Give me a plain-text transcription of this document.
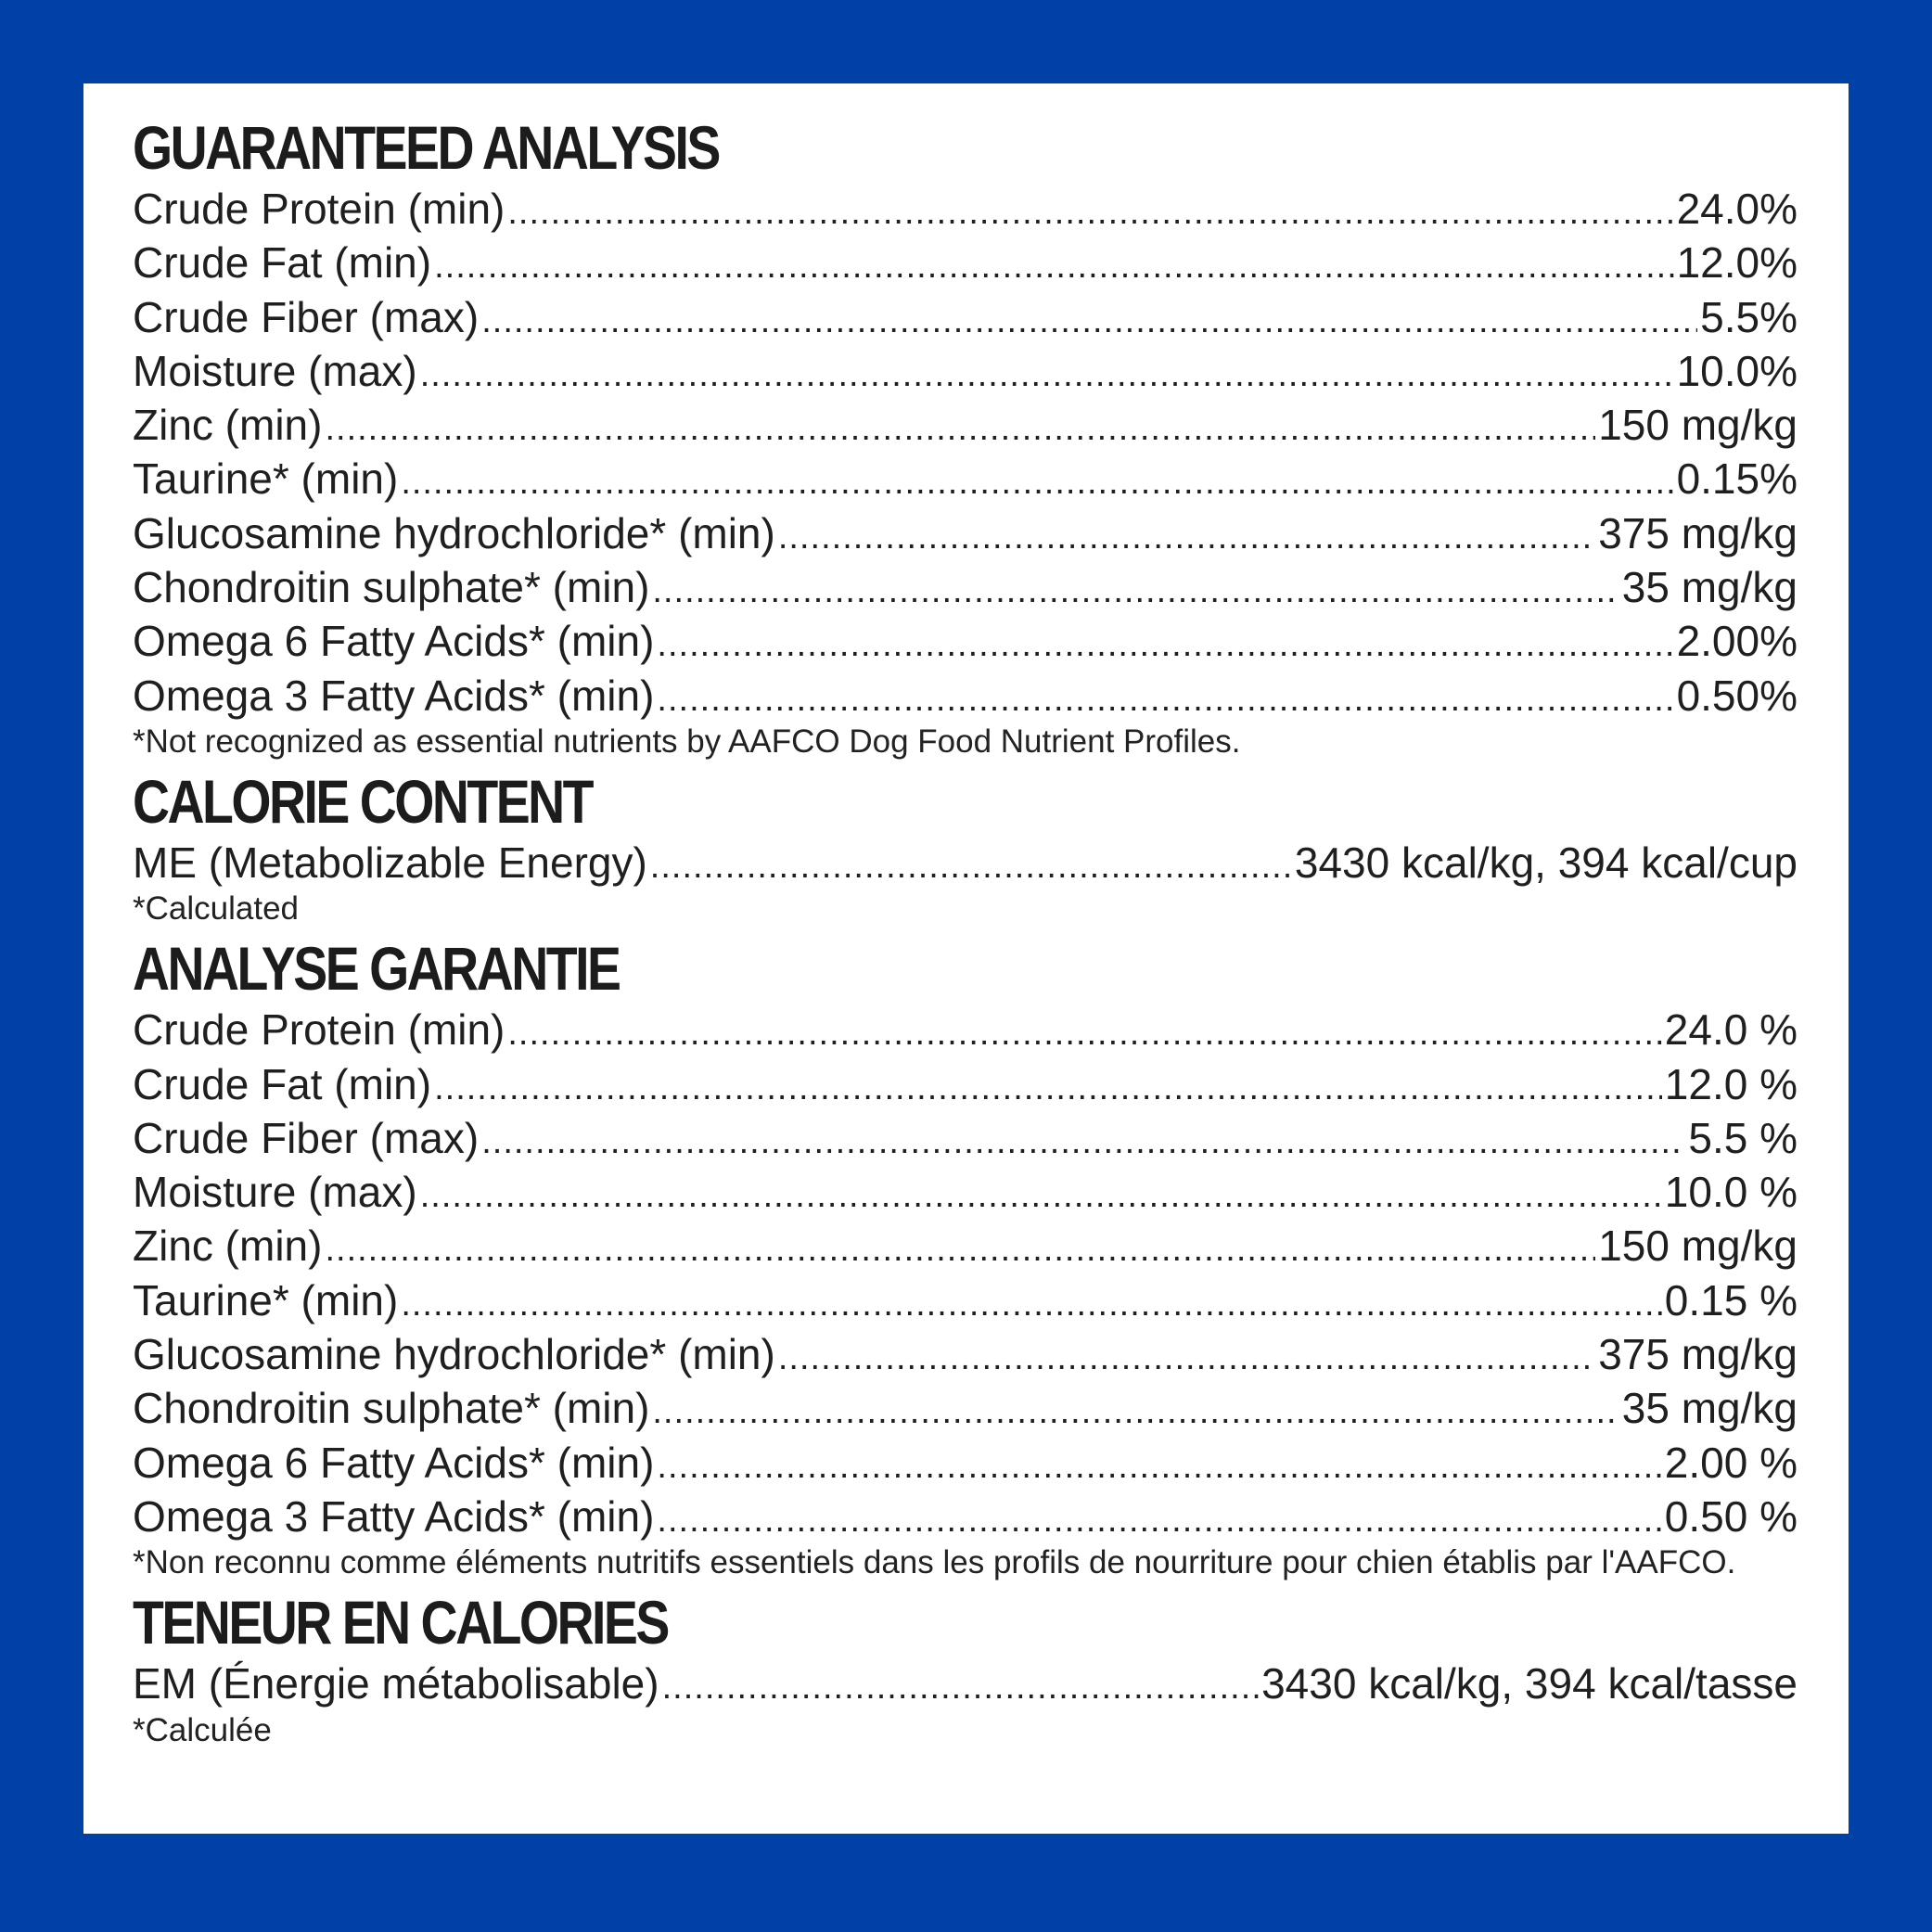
GUARANTEED ANALYSIS
Crude Protein (min) .....	24.0%
Crude Fat (min) .....	12.0%
Crude Fiber (max) .....	5.5%
Moisture (max) .....	10.0%
Zinc (min) .....	150 mg/kg
Taurine* (min) .....	0.15%
Glucosamine hydrochloride* (min) .....	375 mg/kg
Chondroitin sulphate* (min) .....	35 mg/kg
Omega 6 Fatty Acids* (min) .....	2.00%
Omega 3 Fatty Acids* (min) .....	0.50%
*Not recognized as essential nutrients by AAFCO Dog Food Nutrient Profiles.
CALORIE CONTENT
ME (Metabolizable Energy) .....	3430 kcal/kg, 394 kcal/cup
*Calculated
ANALYSE GARANTIE
Crude Protein (min) .....	24.0 %
Crude Fat (min) .....	12.0 %
Crude Fiber (max) .....	5.5 %
Moisture (max) .....	10.0 %
Zinc (min) .....	150 mg/kg
Taurine* (min) .....	0.15 %
Glucosamine hydrochloride* (min) .....	375 mg/kg
Chondroitin sulphate* (min) .....	35 mg/kg
Omega 6 Fatty Acids* (min) .....	2.00 %
Omega 3 Fatty Acids* (min) .....	0.50 %
*Non reconnu comme éléments nutritifs essentiels dans les profils de nourriture pour chien établis par l'AAFCO.
TENEUR EN CALORIES
EM (Énergie métabolisable) .....	3430 kcal/kg, 394 kcal/tasse
*Calculée
